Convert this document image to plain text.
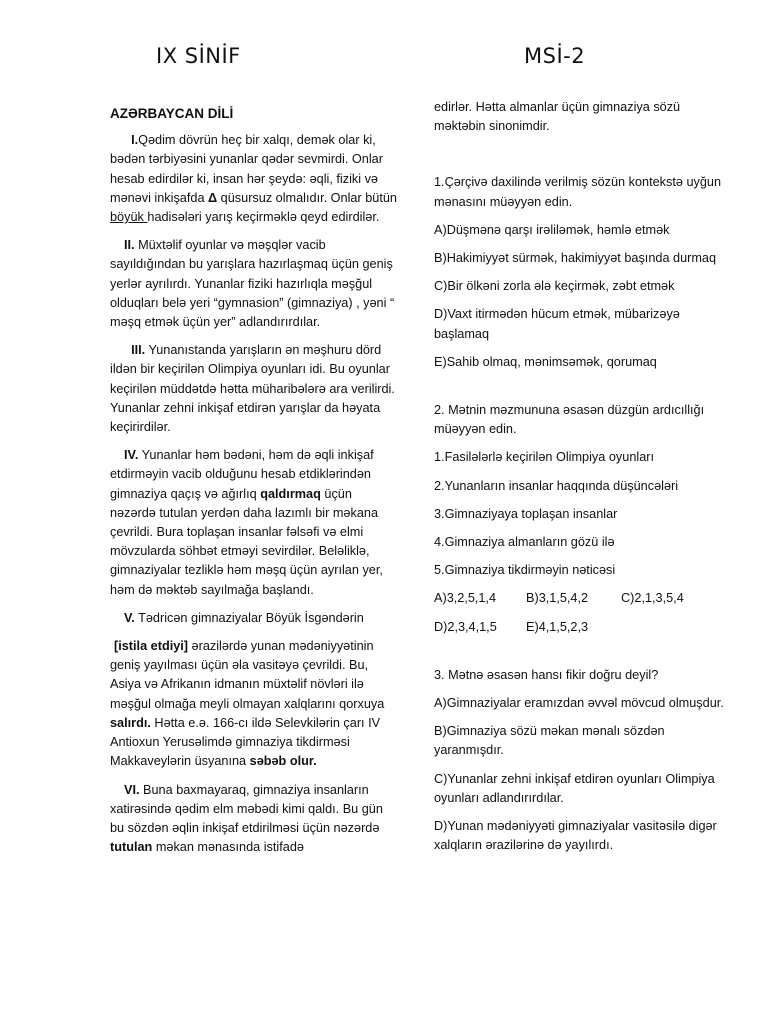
IX SİNİF	MSİ-2
AZƏRBAYCAN DİLİ

I.Qədim dövrün heç bir xalqı, demək olar ki, bədən tərbiyəsini yunanlar qədər sevmirdi. Onlar hesab edirdilər ki, insan hər şeydə: əqli, fiziki və mənəvi inkişafda Δ qüsursuz olmalıdır. Onlar bütün böyük hadisələri yarış keçirməklə qeyd edirdilər.

II. Müxtəlif oyunlar və məşqlər vacib sayıldığından bu yarışlara hazırlaşmaq üçün geniş yerlər ayrılırdı. Yunanlar fiziki hazırlıqla məşğul olduqları belə yeri “gymnasion” (gimnaziya) , yəni “ məşq etmək üçün yer” adlandırırdılar.

III. Yunanıstanda yarışların ən məşhuru dörd ildən bir keçirilən Olimpiya oyunları idi. Bu oyunlar keçirilən müddətdə hətta müharibələrə ara verilirdi. Yunanlar zehni inkişaf etdirən yarışlar da həyata keçirirdilər.

IV. Yunanlar həm bədəni, həm də əqli inkişaf etdirməyin vacib olduğunu hesab etdiklərindən gimnaziya qaçış və ağırlıq qaldırmaq üçün nəzərdə tutulan yerdən daha lazımlı bir məkana çevrildi. Bura toplaşan insanlar fəlsəfi və elmi mövzularda söhbət etməyi sevirdilər. Beləliklə, gimnaziyalar tezliklə həm məşq üçün ayrılan yer, həm də məktəb sayılmağa başlandı.

V. Tədricən gimnaziyalar Böyük İsgəndərin

[istila etdiyi] ərazilərdə yunan mədəniyyətinin geniş yayılması üçün əla vasitəyə çevrildi. Bu, Asiya və Afrikanın idmanın müxtəlif növləri ilə məşğul olmağa meyli olmayan xalqlarını qorxuya salırdı. Hətta e.ə. 166-cı ildə Selevkilərin çarı IV Antioxun Yerusəlimdə gimnaziya tikdirməsi Makkaveylərin üsyanına səbəb olur.

VI. Buna baxmayaraq, gimnaziya insanların xatirəsində qədim elm məbədi kimi qaldı. Bu gün bu sözdən əqlin inkişaf etdirilməsi üçün nəzərdə tutulan məkan mənasında istifadə

edirlər. Hətta almanlar üçün gimnaziya sözü məktəbin sinonimdir.
1.Çərçivə daxilində verilmiş sözün kontekstə uyğun mənasını müəyyən edin.
A)Düşmənə qarşı irəliləmək, həmlə etmək
B)Hakimiyyət sürmək, hakimiyyət başında durmaq
C)Bir ölkəni zorla ələ keçirmək, zəbt etmək
D)Vaxt itirmədən hücum etmək, mübarizəyə başlamaq
E)Sahib olmaq, mənimsəmək, qorumaq
2. Mətnin məzmununa əsasən düzgün ardıcıllığı müəyyən edin.
1.Fasilələrlə keçirilən Olimpiya oyunları
2.Yunanların insanlar haqqında düşüncələri
3.Gimnaziyaya toplaşan insanlar
4.Gimnaziya almanların gözü ilə
5.Gimnaziya tikdirməyin nəticəsi
A)3,2,5,1,4	B)3,1,5,4,2	C)2,1,3,5,4
D)2,3,4,1,5	E)4,1,5,2,3
3. Mətnə əsasən hansı fikir doğru deyil?
A)Gimnaziyalar eramızdan əvvəl mövcud olmuşdur.
B)Gimnaziya sözü məkan mənalı sözdən yaranmışdır.
C)Yunanlar zehni inkişaf etdirən oyunları Olimpiya oyunları adlandırırdılar.
D)Yunan mədəniyyəti gimnaziyalar vasitəsilə digər xalqların ərazilərinə də yayılırdı.
